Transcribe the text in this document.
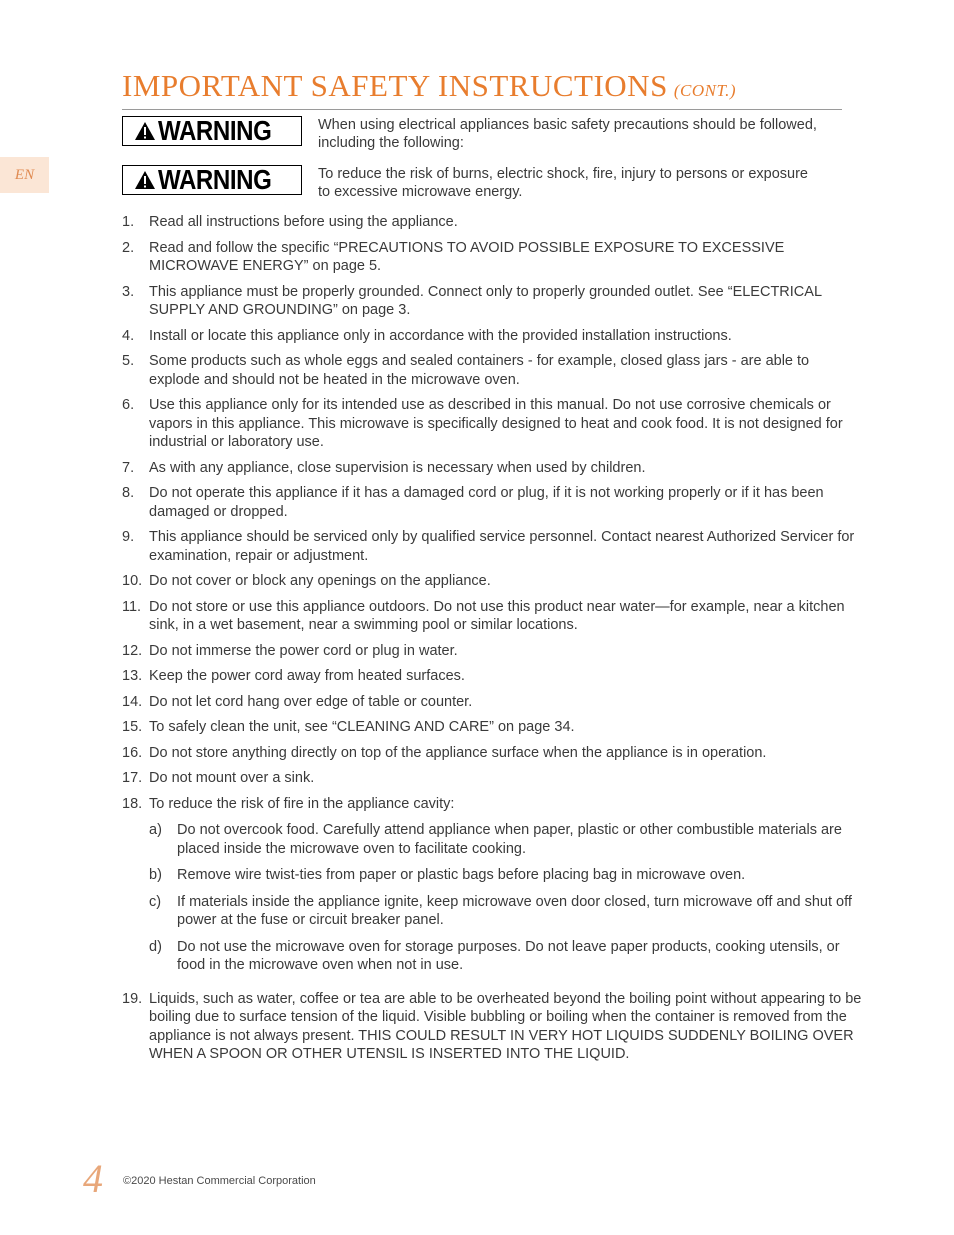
EN
IMPORTANT SAFETY INSTRUCTIONS (CONT.)
WARNING	When using electrical appliances basic safety precautions should be followed, including the following:
WARNING	To reduce the risk of burns, electric shock, fire, injury to persons or exposure to excessive microwave energy.
1.	Read all instructions before using the appliance.
2.	Read and follow the specific “PRECAUTIONS TO AVOID POSSIBLE EXPOSURE TO EXCESSIVE MICROWAVE ENERGY” on page 5.
3.	This appliance must be properly grounded. Connect only to properly grounded outlet. See “ELECTRICAL SUPPLY AND GROUNDING” on page 3.
4.	Install or locate this appliance only in accordance with the provided installation instructions.
5.	Some products such as whole eggs and sealed containers - for example, closed glass jars - are able to explode and should not be heated in the microwave oven.
6.	Use this appliance only for its intended use as described in this manual. Do not use corrosive chemicals or vapors in this appliance. This microwave is specifically designed to heat and cook food. It is not designed for industrial or laboratory use.
7.	As with any appliance, close supervision is necessary when used by children.
8.	Do not operate this appliance if it has a damaged cord or plug, if it is not working properly or if it has been damaged or dropped.
9.	This appliance should be serviced only by qualified service personnel. Contact nearest Authorized Servicer for examination, repair or adjustment.
10. Do not cover or block any openings on the appliance.
11. Do not store or use this appliance outdoors. Do not use this product near water—for example, near a kitchen sink, in a wet basement, near a swimming pool or similar locations.
12. Do not immerse the power cord or plug in water.
13. Keep the power cord away from heated surfaces.
14. Do not let cord hang over edge of table or counter.
15. To safely clean the unit, see “CLEANING AND CARE” on page 34.
16. Do not store anything directly on top of the appliance surface when the appliance is in operation.
17. Do not mount over a sink.
18. To reduce the risk of fire in the appliance cavity:
a)	Do not overcook food. Carefully attend appliance when paper, plastic or other combustible materials are placed inside the microwave oven to facilitate cooking.
b)	Remove wire twist-ties from paper or plastic bags before placing bag in microwave oven.
c)	If materials inside the appliance ignite, keep microwave oven door closed, turn microwave off and shut off power at the fuse or circuit breaker panel.
d)	Do not use the microwave oven for storage purposes. Do not leave paper products, cooking utensils, or food in the microwave oven when not in use.
19. Liquids, such as water, coffee or tea are able to be overheated beyond the boiling point without appearing to be boiling due to surface tension of the liquid. Visible bubbling or boiling when the container is removed from the appliance is not always present. THIS COULD RESULT IN VERY HOT LIQUIDS SUDDENLY BOILING OVER WHEN A SPOON OR OTHER UTENSIL IS INSERTED INTO THE LIQUID.
4 ©2020 Hestan Commercial Corporation
